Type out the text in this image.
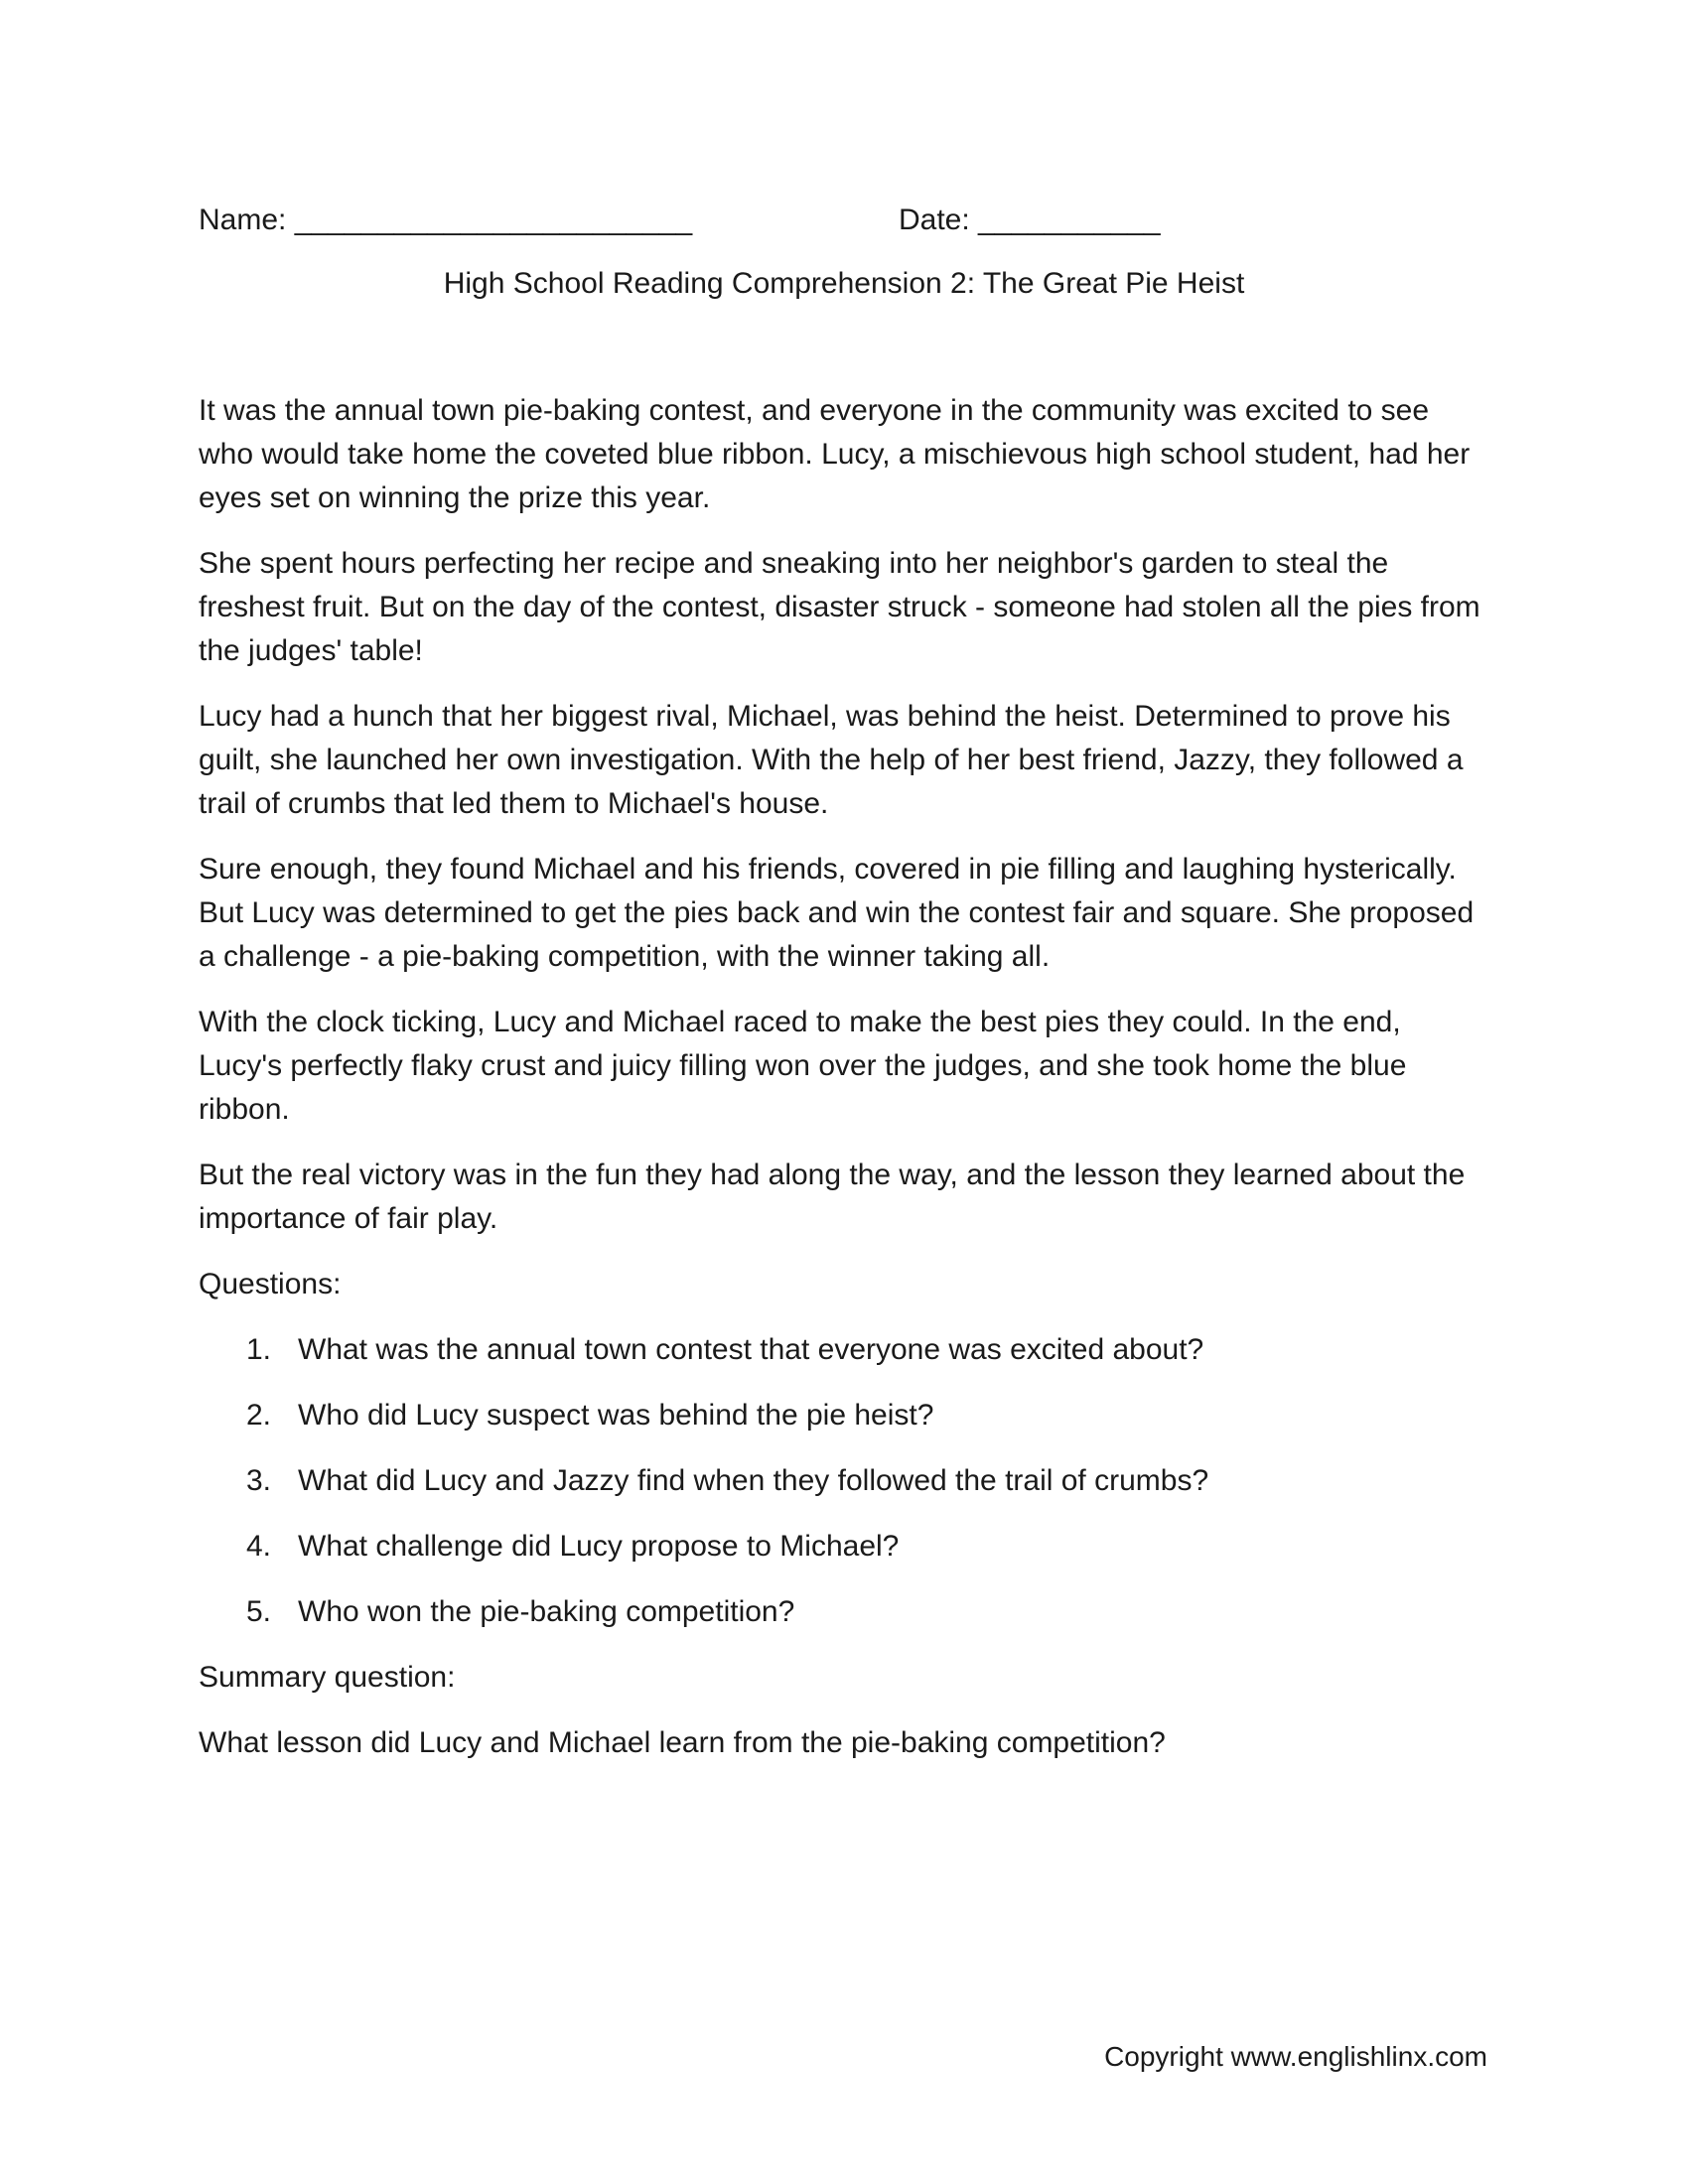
Name: ________________________	Date: ___________
High School Reading Comprehension 2: The Great Pie Heist

It was the annual town pie-baking contest, and everyone in the community was excited to see who would take home the coveted blue ribbon. Lucy, a mischievous high school student, had her eyes set on winning the prize this year.

She spent hours perfecting her recipe and sneaking into her neighbor's garden to steal the freshest fruit. But on the day of the contest, disaster struck - someone had stolen all the pies from the judges' table!

Lucy had a hunch that her biggest rival, Michael, was behind the heist. Determined to prove his guilt, she launched her own investigation. With the help of her best friend, Jazzy, they followed a trail of crumbs that led them to Michael's house.

Sure enough, they found Michael and his friends, covered in pie filling and laughing hysterically. But Lucy was determined to get the pies back and win the contest fair and square. She proposed a challenge - a pie-baking competition, with the winner taking all.

With the clock ticking, Lucy and Michael raced to make the best pies they could. In the end, Lucy's perfectly flaky crust and juicy filling won over the judges, and she took home the blue ribbon.

But the real victory was in the fun they had along the way, and the lesson they learned about the importance of fair play.

Questions:
1. What was the annual town contest that everyone was excited about?
2. Who did Lucy suspect was behind the pie heist?
3. What did Lucy and Jazzy find when they followed the trail of crumbs?
4. What challenge did Lucy propose to Michael?
5. Who won the pie-baking competition?
Summary question:
What lesson did Lucy and Michael learn from the pie-baking competition?
Copyright www.englishlinx.com
